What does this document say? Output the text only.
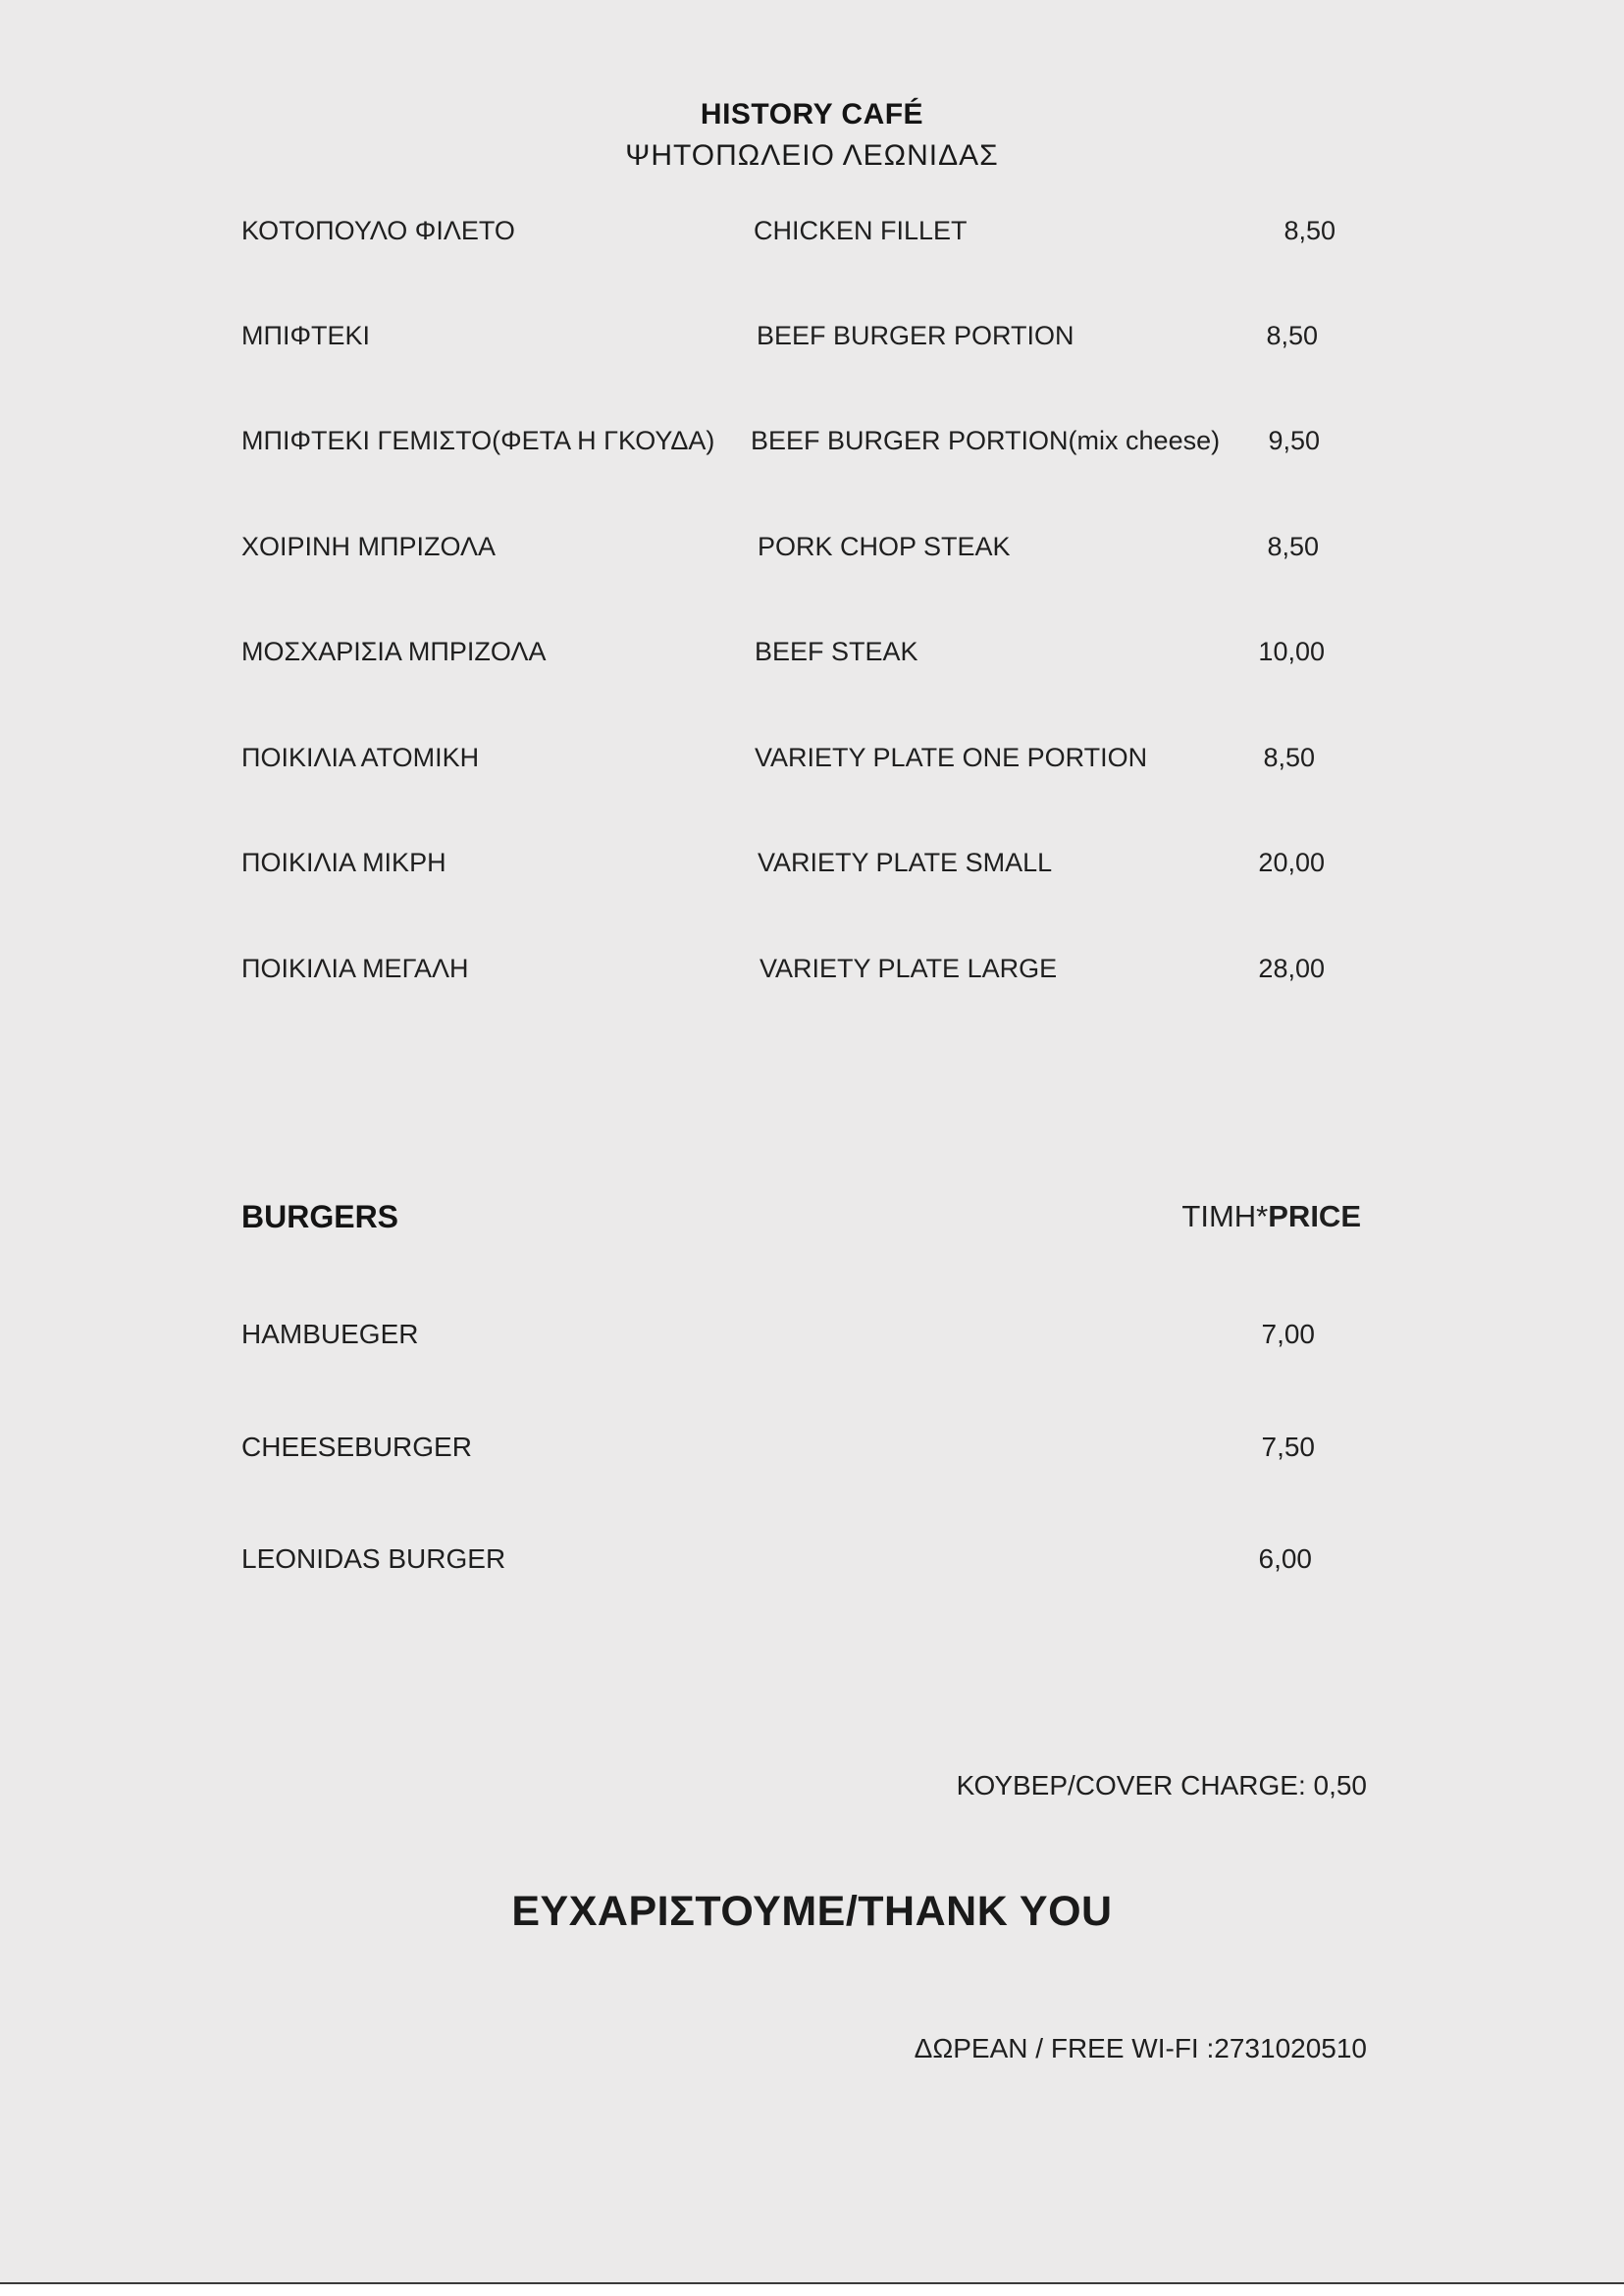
HISTORY CAFÉ
ΨΗΤΟΠΩΛΕΙΟ ΛΕΩΝΙΔΑΣ
ΚΟΤΟΠΟΥΛΟ ΦΙΛΕΤΟ	CHICKEN FILLET	8,50
ΜΠΙΦΤΕΚΙ	BEEF BURGER PORTION	8,50
ΜΠΙΦΤΕΚΙ ΓΕΜΙΣΤΟ(ΦΕΤΑ Η ΓΚΟΥΔΑ) BEEF BURGER PORTION(mix cheese) 9,50
ΧΟΙΡΙΝΗ ΜΠΡΙΖΟΛΑ	PORK CHOP STEAK	8,50
ΜΟΣΧΑΡΙΣΙΑ ΜΠΡΙΖΟΛΑ	BEEF STEAK	10,00
ΠΟΙΚΙΛΙΑ ΑΤΟΜΙΚΗ	VARIETY PLATE ONE PORTION	8,50
ΠΟΙΚΙΛΙΑ ΜΙΚΡΗ	VARIETY PLATE SMALL	20,00
ΠΟΙΚΙΛΙΑ ΜΕΓΑΛΗ	VARIETY PLATE LARGE	28,00
BURGERS	ΤΙΜΗ*PRICE
HAMBUEGER	7,00
CHEESEBURGER	7,50
LEONIDAS BURGER	6,00
ΚΟΥΒΕΡ/COVER CHARGE: 0,50
ΕΥΧΑΡΙΣΤΟΥΜΕ/THANK YOU
ΔΩΡΕΑΝ / FREE WI-FI :2731020510
